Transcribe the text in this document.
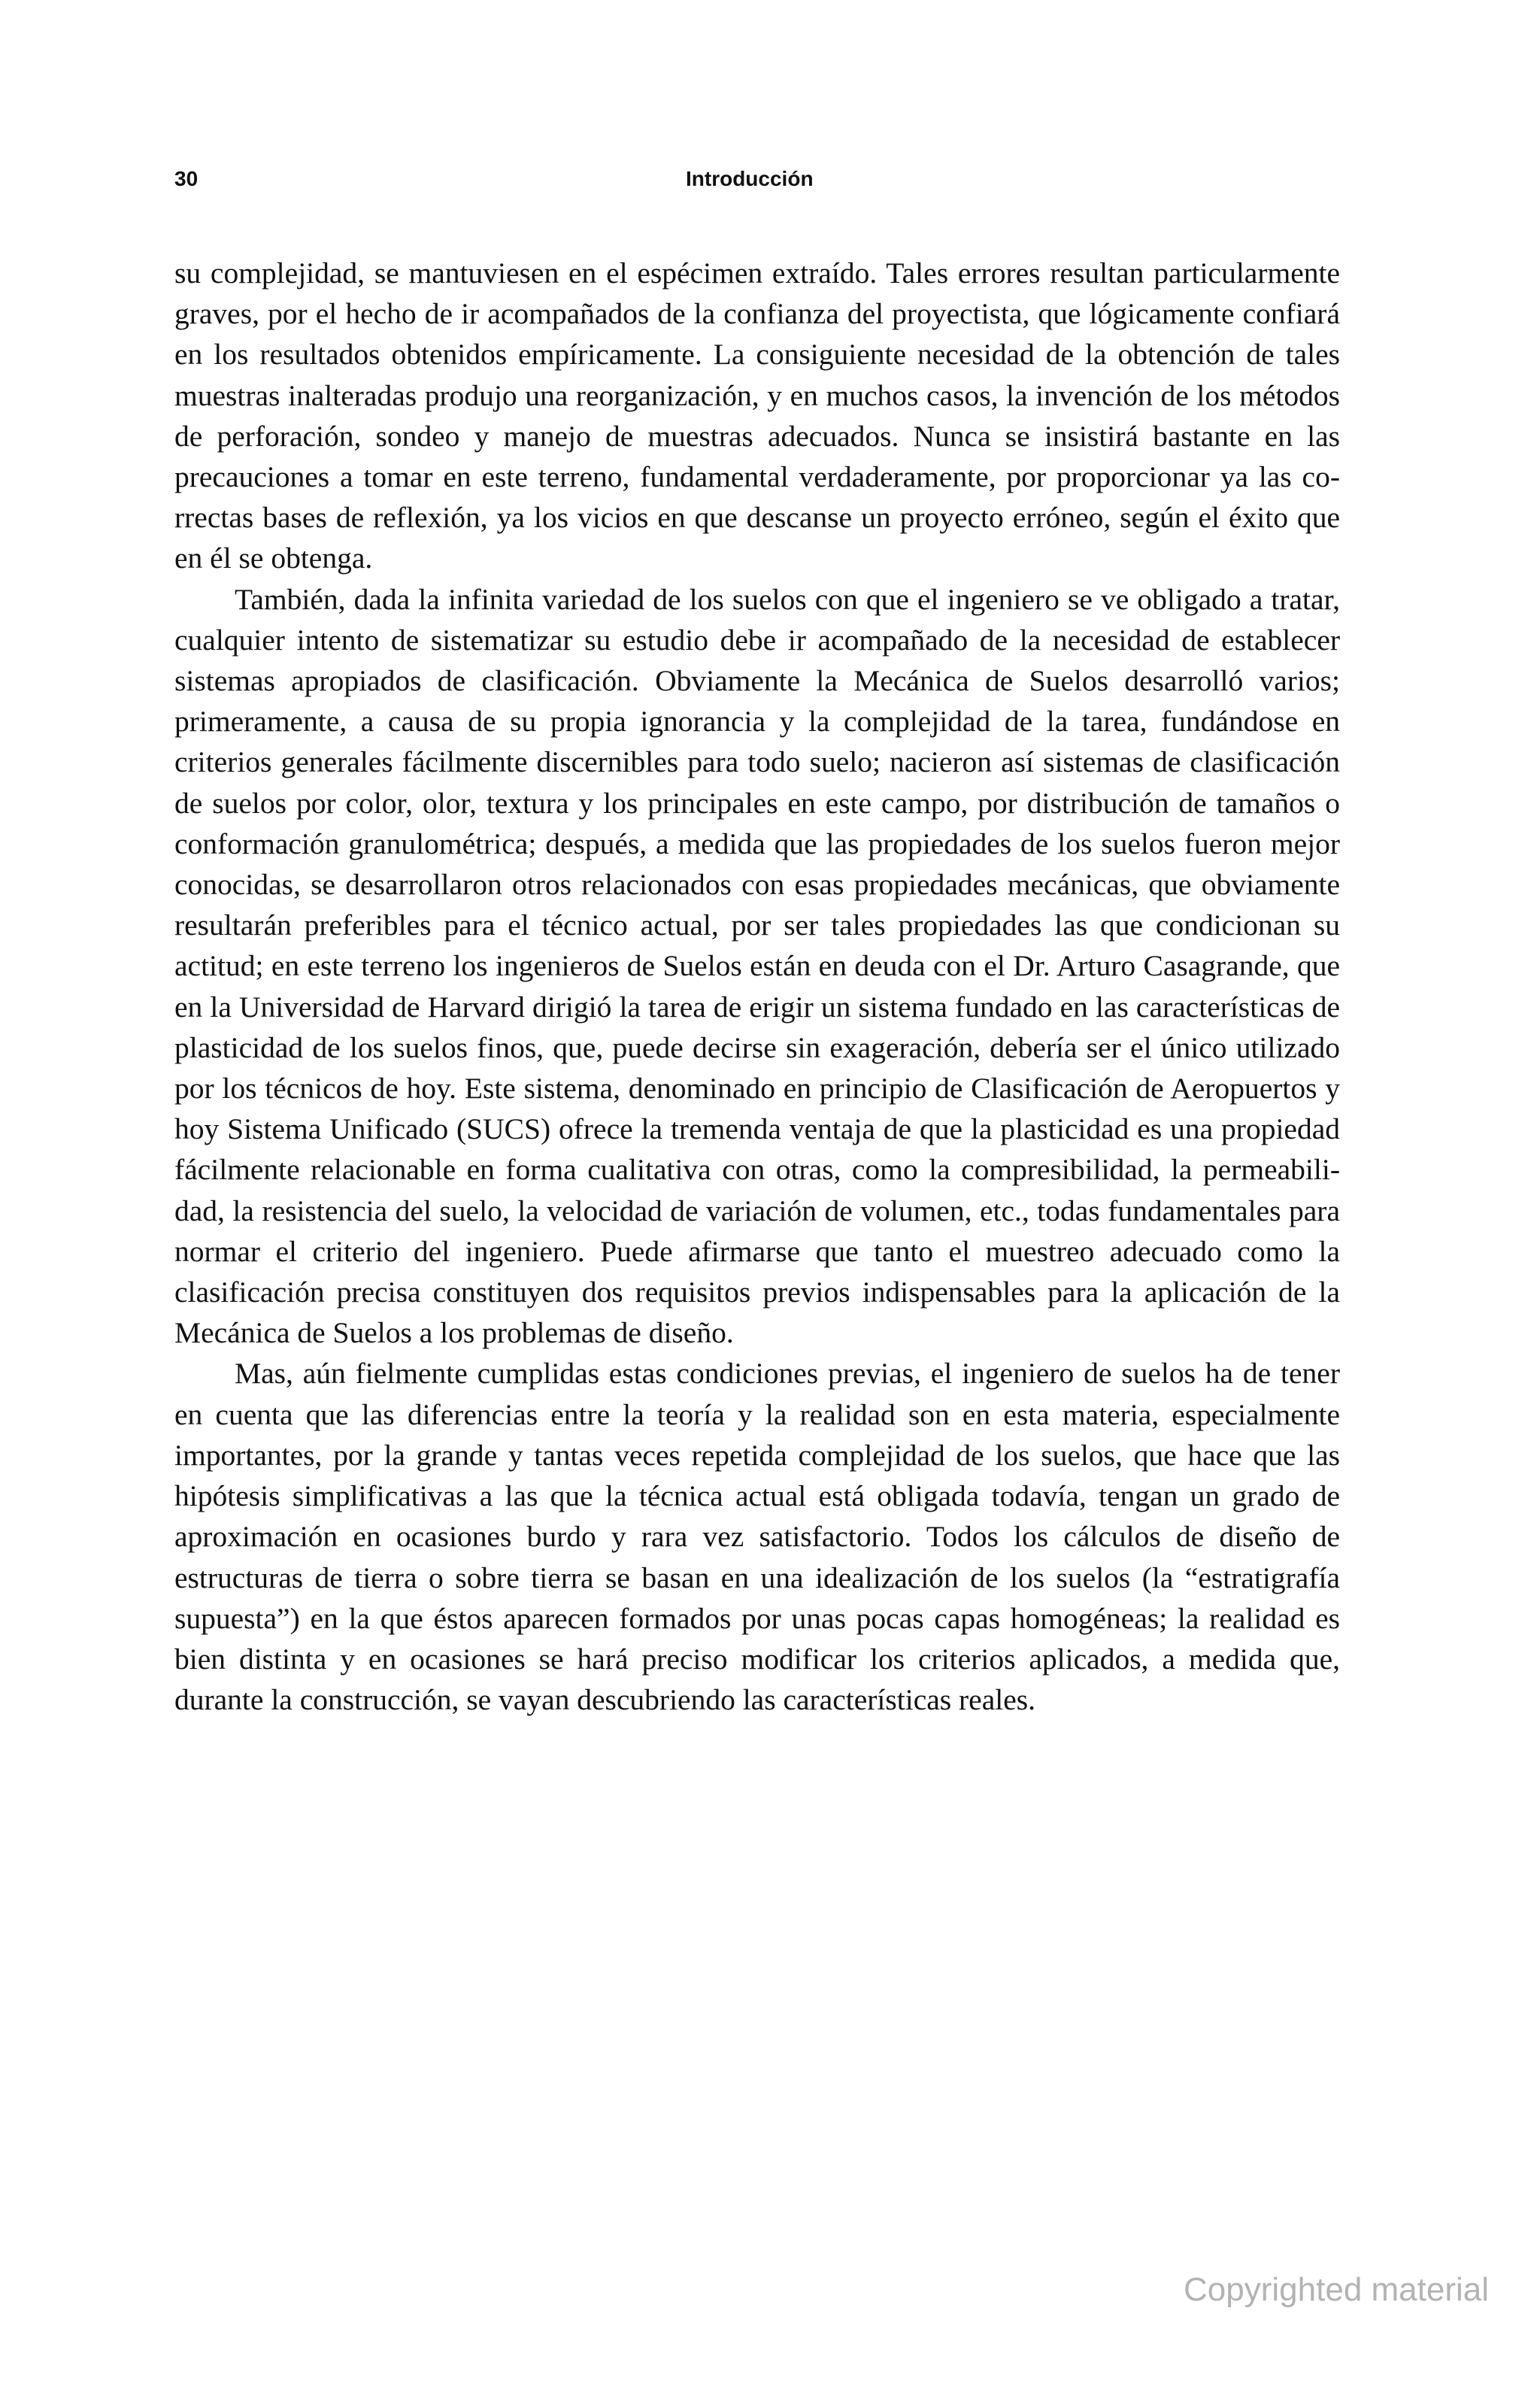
30	Introducción

su complejidad, se mantuviesen en el espécimen extraído. Tales errores resultan particularmente graves, por el hecho de ir acompañados de la confianza del proyectista, que lógicamente confiará en los resultados obtenidos empíricamente. La consiguiente necesidad de la obtención de tales muestras inalteradas produjo una reorganización, y en muchos casos, la invención de los métodos de perforación, sondeo y manejo de muestras adecuados. Nunca se insistirá bastante en las precauciones a tomar en este terreno, fundamental verdaderamente, por proporcionar ya las correctas bases de reflexión, ya los vicios en que descanse un proyecto erróneo, según el éxito que en él se obtenga.

También, dada la infinita variedad de los suelos con que el ingeniero se ve obligado a tratar, cualquier intento de sistematizar su estudio debe ir acompañado de la necesidad de establecer sistemas apropiados de clasificación. Obviamente la Mecánica de Suelos desarrolló varios; primeramente, a causa de su propia ignorancia y la complejidad de la tarea, fundándose en criterios generales fácilmente discernibles para todo suelo; nacieron así sistemas de clasificación de suelos por color, olor, textura y los principales en este campo, por distribución de tamaños o conformación granulométrica; después, a medida que las propiedades de los suelos fueron mejor conocidas, se desarrollaron otros relacionados con esas propiedades mecánicas, que obviamente resultarán preferibles para el técnico actual, por ser tales propiedades las que condicionan su actitud; en este terreno los ingenieros de Suelos están en deuda con el Dr. Arturo Casagrande, que en la Universidad de Harvard dirigió la tarea de erigir un sistema fundado en las características de plasticidad de los suelos finos, que, puede decirse sin exageración, debería ser el único utilizado por los técnicos de hoy. Este sistema, denominado en principio de Clasificación de Aeropuertos y hoy Sistema Unificado (SUCS) ofrece la tremenda ventaja de que la plasticidad es una propiedad fácilmente relacionable en forma cualitativa con otras, como la compresibilidad, la permeabilidad, la resistencia del suelo, la velocidad de variación de volumen, etc., todas fundamentales para normar el criterio del ingeniero. Puede afirmarse que tanto el muestreo adecuado como la clasificación precisa constituyen dos requisitos previos indispensables para la aplicación de la Mecánica de Suelos a los problemas de diseño.

Mas, aún fielmente cumplidas estas condiciones previas, el ingeniero de suelos ha de tener en cuenta que las diferencias entre la teoría y la realidad son en esta materia, especialmente importantes, por la grande y tantas veces repetida complejidad de los suelos, que hace que las hipótesis simplificativas a las que la técnica actual está obligada todavía, tengan un grado de aproximación en ocasiones burdo y rara vez satisfactorio. Todos los cálculos de diseño de estructuras de tierra o sobre tierra se basan en una idealización de los suelos (la “estratigrafía supuesta”) en la que éstos aparecen formados por unas pocas capas homogéneas; la realidad es bien distinta y en ocasiones se hará preciso modificar los criterios aplicados, a medida que, durante la construcción, se vayan descubriendo las características reales.

Copyrighted material
